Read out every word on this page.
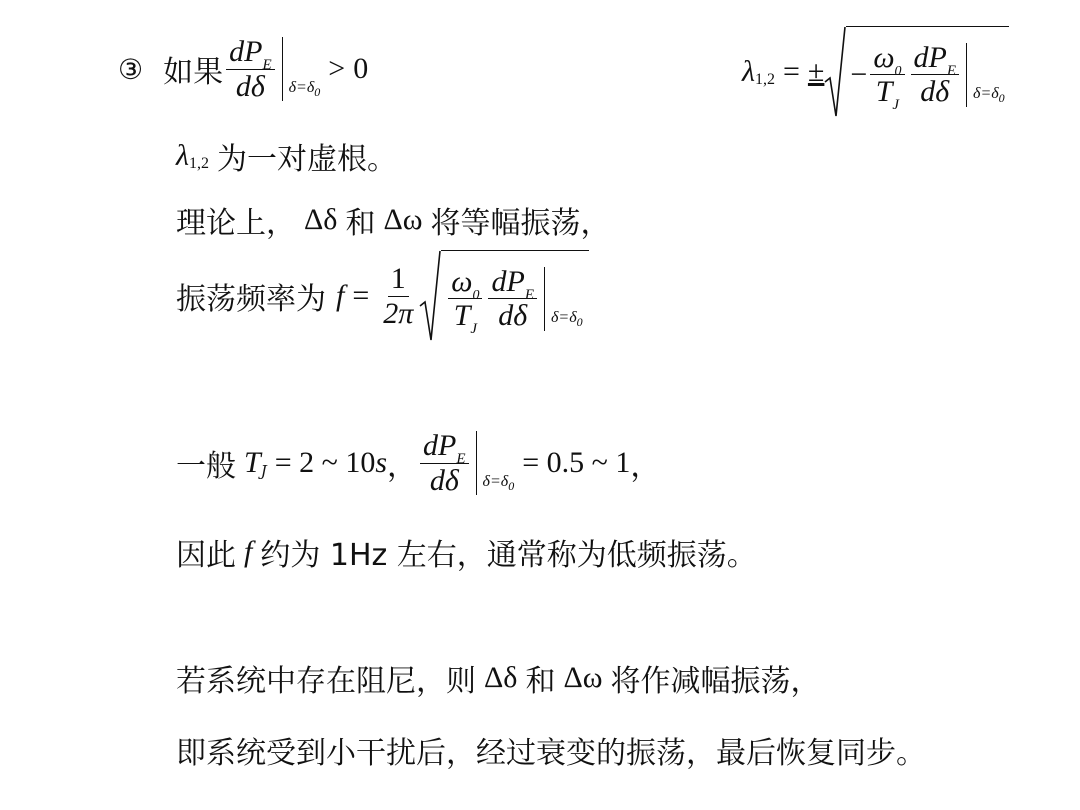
③ 如果 $\frac{dP_E}{d\delta} \delta=\delta_0$
> 0	λ 1,2 = ± − $\frac{\omega_0}{T_J} \frac{dP_E}{d\delta} \delta=\delta_0$
λ 1,2 为一对虚根。
理论上， Δδ 和 Δω 将等幅振荡，
振荡频率为 $f = \frac{1}{2\pi} \frac{\omega_0}{T_J} \frac{dP_E}{d\delta} \delta=\delta_0$
一般 T J = 2 ~ 10 s ， $\frac{dP_E}{d\delta} \delta=\delta_0$
= 0.5 ~ 1 ，
因此 f 约为 1Hz 左右，通常称为低频振荡。
若系统中存在阻尼，则 Δδ 和 Δω 将作减幅振荡，
即系统受到小干扰后，经过衰变的振荡，最后恢复同步。
